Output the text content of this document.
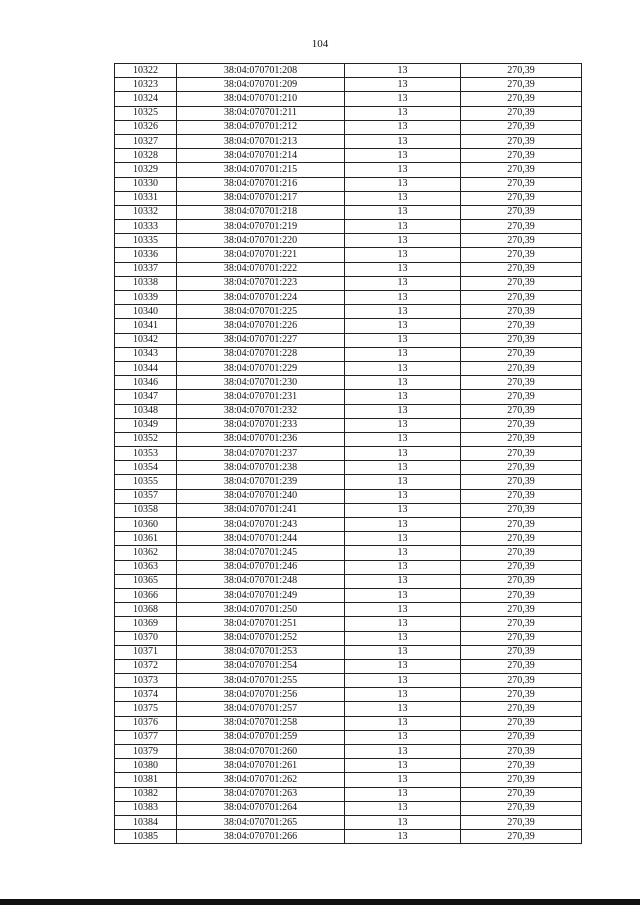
104
10322	38:04:070701:208	13	270,39
10323	38:04:070701:209	13	270,39
10324	38:04:070701:210	13	270,39
10325	38:04:070701:211	13	270,39
10326	38:04:070701:212	13	270,39
10327	38:04:070701:213	13	270,39
10328	38:04:070701:214	13	270,39
10329	38:04:070701:215	13	270,39
10330	38:04:070701:216	13	270,39
10331	38:04:070701:217	13	270,39
10332	38:04:070701:218	13	270,39
10333	38:04:070701:219	13	270,39
10335	38:04:070701:220	13	270,39
10336	38:04:070701:221	13	270,39
10337	38:04:070701:222	13	270,39
10338	38:04:070701:223	13	270,39
10339	38:04:070701:224	13	270,39
10340	38:04:070701:225	13	270,39
10341	38:04:070701:226	13	270,39
10342	38:04:070701:227	13	270,39
10343	38:04:070701:228	13	270,39
10344	38:04:070701:229	13	270,39
10346	38:04:070701:230	13	270,39
10347	38:04:070701:231	13	270,39
10348	38:04:070701:232	13	270,39
10349	38:04:070701:233	13	270,39
10352	38:04:070701:236	13	270,39
10353	38:04:070701:237	13	270,39
10354	38:04:070701:238	13	270,39
10355	38:04:070701:239	13	270,39
10357	38:04:070701:240	13	270,39
10358	38:04:070701:241	13	270,39
10360	38:04:070701:243	13	270,39
10361	38:04:070701:244	13	270,39
10362	38:04:070701:245	13	270,39
10363	38:04:070701:246	13	270,39
10365	38:04:070701:248	13	270,39
10366	38:04:070701:249	13	270,39
10368	38:04:070701:250	13	270,39
10369	38:04:070701:251	13	270,39
10370	38:04:070701:252	13	270,39
10371	38:04:070701:253	13	270,39
10372	38:04:070701:254	13	270,39
10373	38:04:070701:255	13	270,39
10374	38:04:070701:256	13	270,39
10375	38:04:070701:257	13	270,39
10376	38:04:070701:258	13	270,39
10377	38:04:070701:259	13	270,39
10379	38:04:070701:260	13	270,39
10380	38:04:070701:261	13	270,39
10381	38:04:070701:262	13	270,39
10382	38:04:070701:263	13	270,39
10383	38:04:070701:264	13	270,39
10384	38:04:070701:265	13	270,39
10385	38:04:070701:266	13	270,39
